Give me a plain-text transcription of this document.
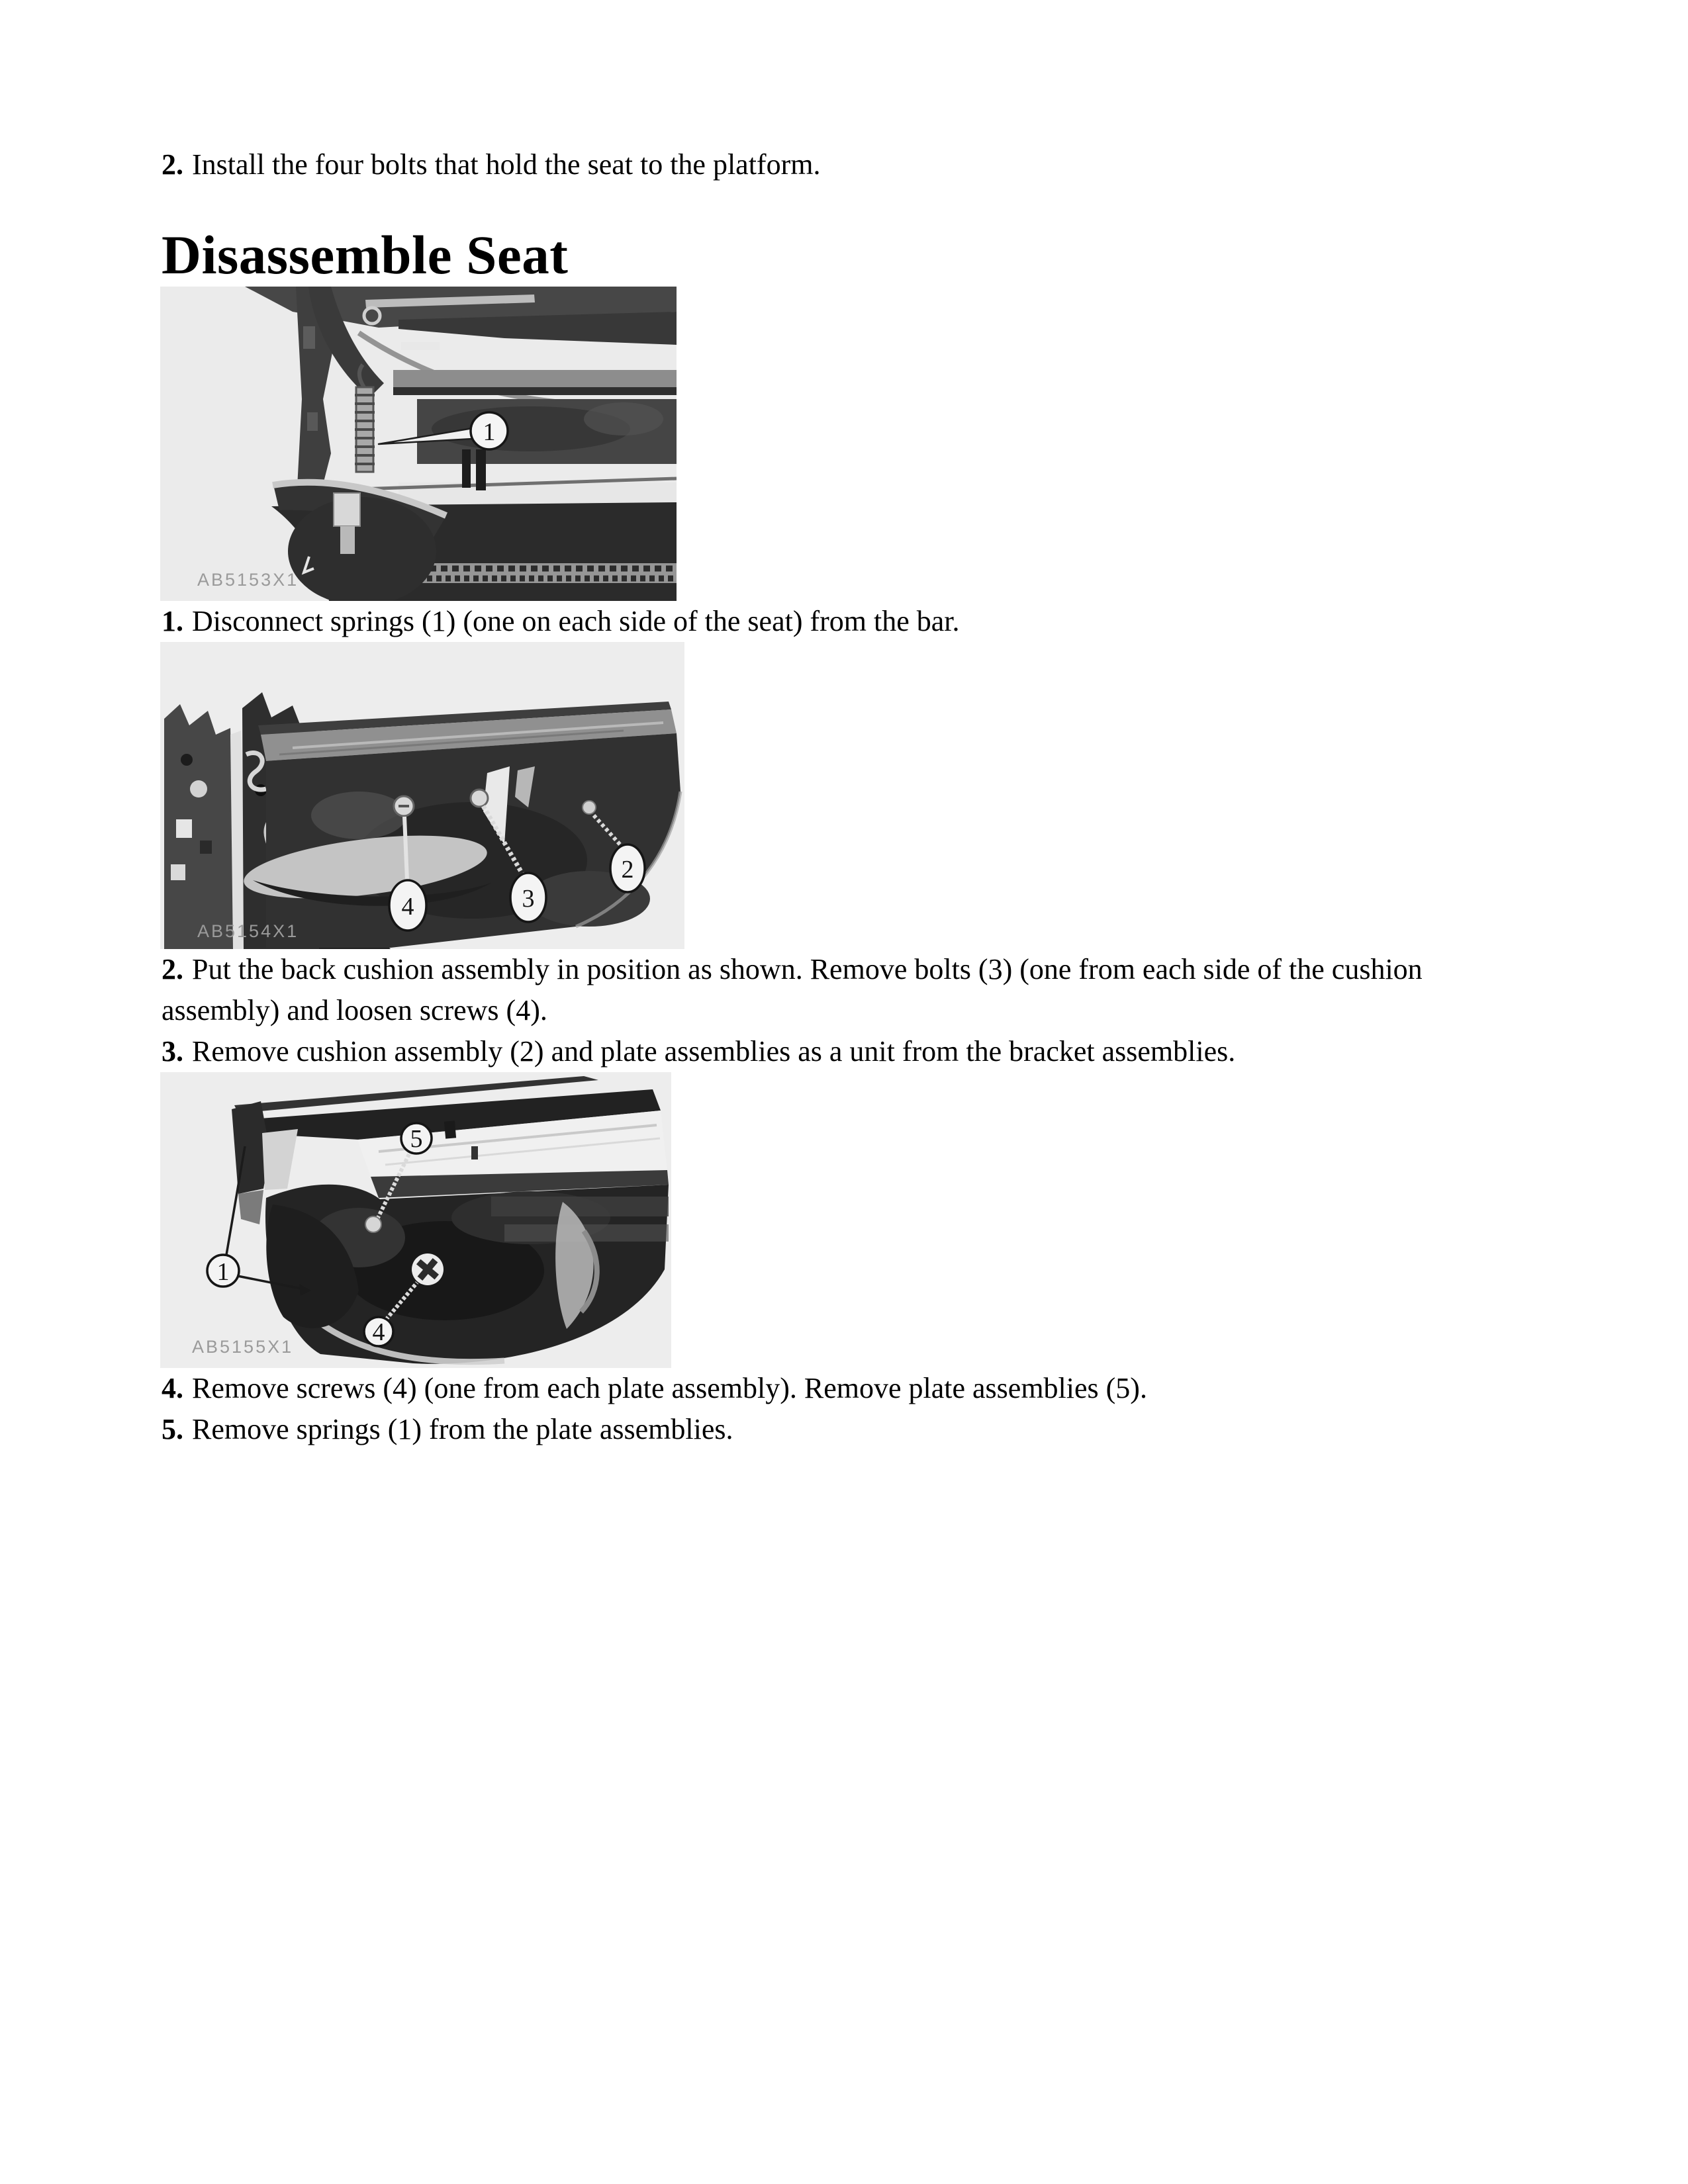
2. Install the four bolts that hold the seat to the platform.

Disassemble Seat
1
AB5153X1

1. Disconnect springs (1) (one on each side of the seat) from the bar.

4	3
2
AB5154X1

2. Put the back cushion assembly in position as shown. Remove bolts (3) (one from each side of the cushion assembly) and loosen screws (4).

3. Remove cushion assembly (2) and plate assemblies as a unit from the bracket assemblies.

5
1
4
AB5155X1

4. Remove screws (4) (one from each plate assembly). Remove plate assemblies (5).

5. Remove springs (1) from the plate assemblies.
